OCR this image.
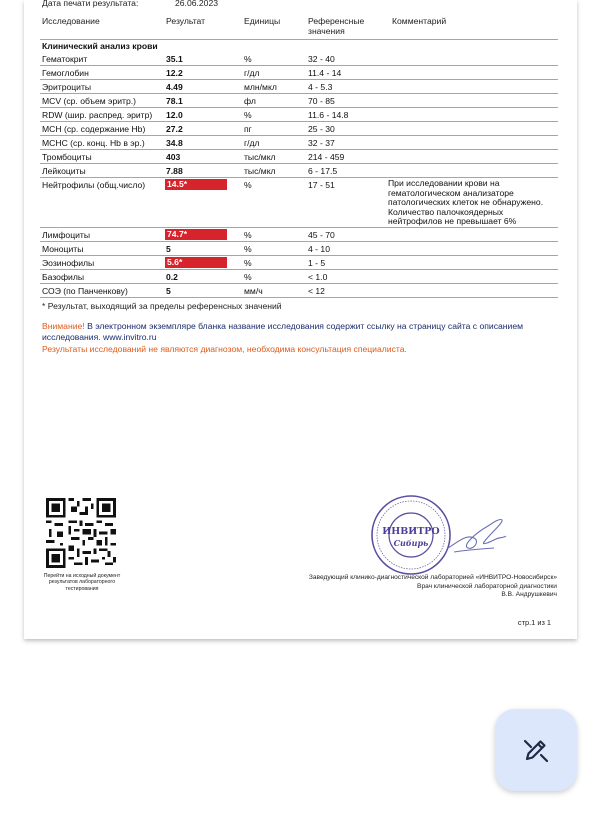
Дата печати результата:	26.06.2023
Исследование	Результат	Единицы	Референсные
значения
Комментарий
Клинический анализ крови
Гематокрит	35.1	%	32 - 40
Гемоглобин	12.2	г/дл	11.4 - 14
Эритроциты	4.49	млн/мкл	4 - 5.3
MCV (ср. объем эритр.)	78.1	фл	70 - 85
RDW (шир. распред. эритр) 12.0	%	11.6 - 14.8
MCH (ср. содержание Hb) 27.2	пг	25 - 30
MCHC (ср. конц. Hb в эр.) 34.8	г/дл	32 - 37
Тромбоциты	403	тыс/мкл	214 - 459
Лейкоциты	7.88	тыс/мкл	6 - 17.5
Нейтрофилы (общ.число)	14.5*	%	17 - 51	При исследовании крови на
гематологическом анализаторе
патологических клеток не обнаружено.
Количество палочкоядерных
нейтрофилов не превышает 6%
Лимфоциты	74.7*	%	45 - 70
Моноциты	5	%	4 - 10
Эозинофилы	5.6*	%	1 - 5
Базофилы	0.2	%	< 1.0
СОЭ (по Панченкову)	5	мм/ч	< 12
* Результат, выходящий за пределы референсных значений
Внимание! В электронном экземпляре бланка название исследования содержит ссылку на страницу сайта с описанием исследования. www.invitro.ru
Результаты исследований не являются диагнозом, необходима консультация специалиста.
Перейти на исходный документ результатов лабораторного тестирования
ИНВИТРО
Сибирь
Заведующий клинико-диагностической лабораторией «ИНВИТРО-Новосибирск»
Врач клинической лабораторной диагностики
В.В. Андрушкевич
стр.1 из 1
